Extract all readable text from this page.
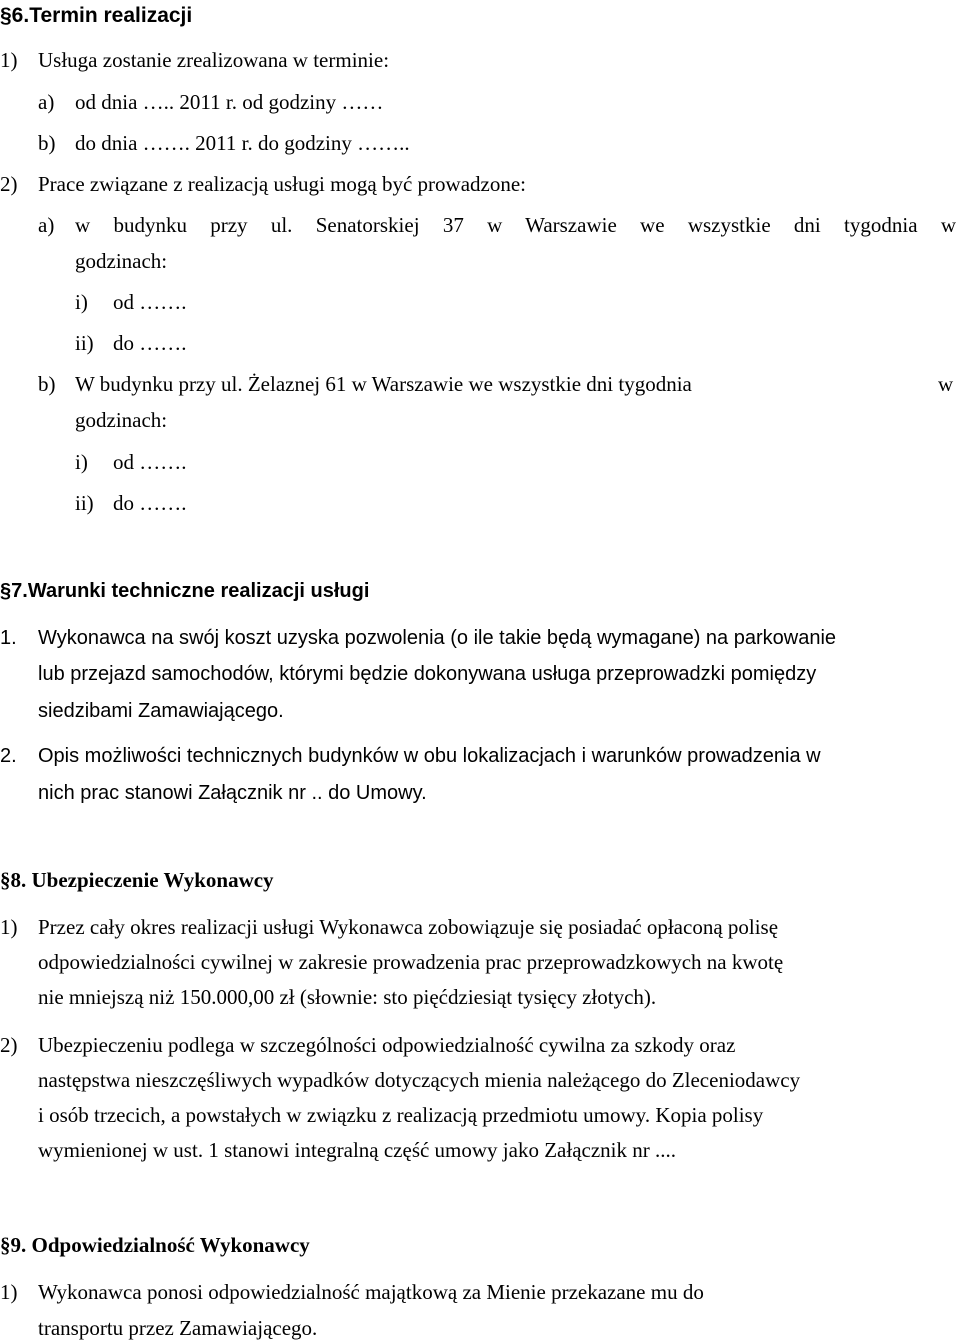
§6.Termin realizacji
1) Usługa zostanie zrealizowana w terminie:
a) od dnia ….. 2011 r. od godziny ……
b) do dnia ……. 2011 r. do godziny ……..
2) Prace związane z realizacją usługi mogą być prowadzone:
a) w budynku przy ul. Senatorskiej 37 w Warszawie we wszystkie dni tygodnia w
godzinach:
i) od …….
ii) do …….
b) W budynku przy ul. Żelaznej 61 w Warszawie we wszystkie dni tygodnia	w
godzinach:
i) od …….
ii) do …….
§7.Warunki techniczne realizacji usługi
1. Wykonawca na swój koszt uzyska pozwolenia (o ile takie będą wymagane) na parkowanie
lub przejazd samochodów, którymi będzie dokonywana usługa przeprowadzki pomiędzy
siedzibami Zamawiającego.
2. Opis możliwości technicznych budynków w obu lokalizacjach i warunków prowadzenia w
nich prac stanowi Załącznik nr .. do Umowy.
§8. Ubezpieczenie Wykonawcy
1) Przez cały okres realizacji usługi Wykonawca zobowiązuje się posiadać opłaconą polisę
odpowiedzialności cywilnej w zakresie prowadzenia prac przeprowadzkowych na kwotę
nie mniejszą niż 150.000,00 zł (słownie: sto pięćdziesiąt tysięcy złotych).
2) Ubezpieczeniu podlega w szczególności odpowiedzialność cywilna za szkody oraz
następstwa nieszczęśliwych wypadków dotyczących mienia należącego do Zleceniodawcy
i osób trzecich, a powstałych w związku z realizacją przedmiotu umowy. Kopia polisy
wymienionej w ust. 1 stanowi integralną część umowy jako Załącznik nr ....
§9. Odpowiedzialność Wykonawcy
1) Wykonawca ponosi odpowiedzialność majątkową za Mienie przekazane mu do
transportu przez Zamawiającego.
